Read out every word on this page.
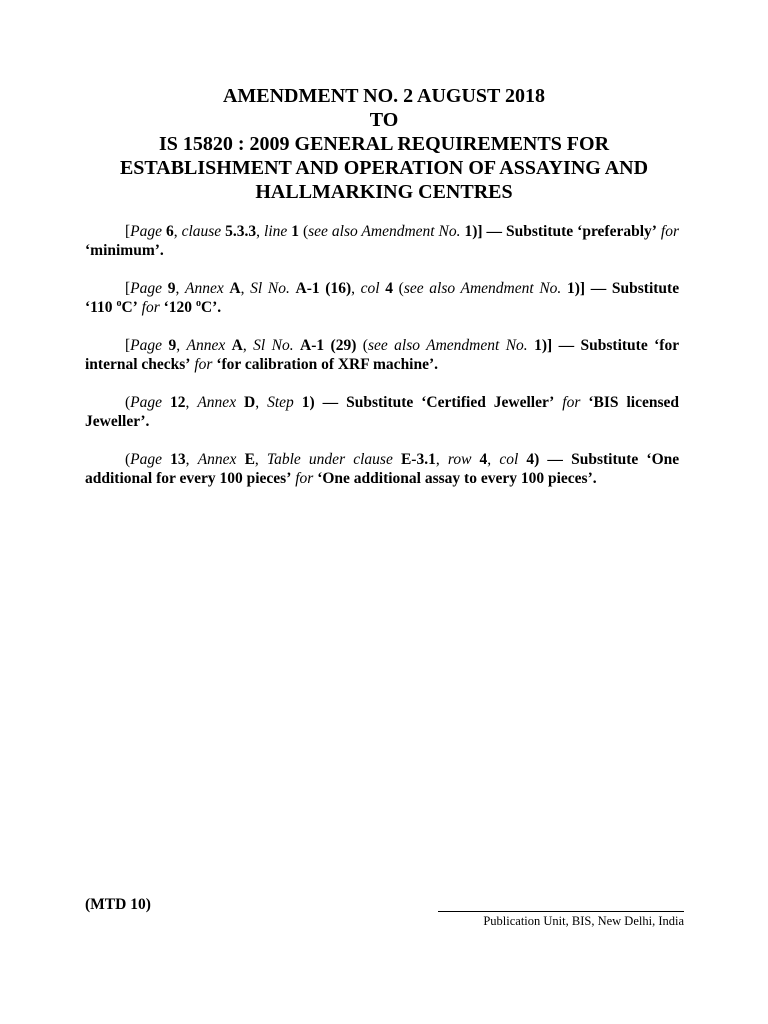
AMENDMENT NO. 2 AUGUST 2018
TO
IS 15820 : 2009 GENERAL REQUIREMENTS FOR
ESTABLISHMENT AND OPERATION OF ASSAYING AND
HALLMARKING CENTRES

[Page 6, clause 5.3.3, line 1 (see also Amendment No. 1)] — Substitute ‘preferably’ for ‘minimum’.

[Page 9, Annex A, Sl No. A-1 (16), col 4 (see also Amendment No. 1)] — Substitute ‘110 $^o$C’ for ‘120 $^o$C’.

[Page 9, Annex A, Sl No. A-1 (29) (see also Amendment No. 1)] — Substitute ‘for internal checks’ for ‘for calibration of XRF machine’.

(Page 12, Annex D, Step 1) — Substitute ‘Certified Jeweller’ for ‘BIS licensed Jeweller’.

(Page 13, Annex E, Table under clause E-3.1, row 4, col 4) — Substitute ‘One additional for every 100 pieces’ for ‘One additional assay to every 100 pieces’.

(MTD 10)
Publication Unit, BIS, New Delhi, India
